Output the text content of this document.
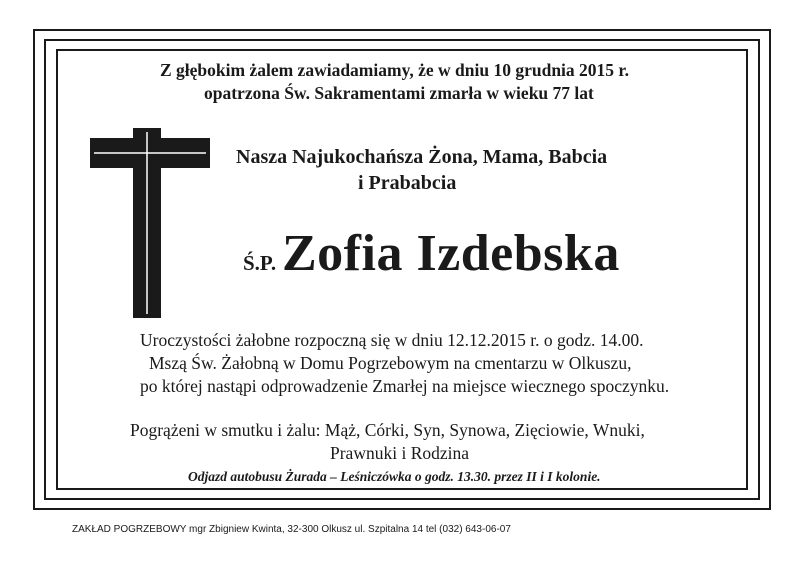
Z głębokim żalem zawiadamiamy, że w dniu 10 grudnia 2015 r.
opatrzona Św. Sakramentami zmarła w wieku 77 lat
Nasza Najukochańsza Żona, Mama, Babcia
i Prababcia
Ś.P. Zofia Izdebska
Uroczystości żałobne rozpoczną się w dniu 12.12.2015 r. o godz. 14.00.
Mszą Św. Żałobną w Domu Pogrzebowym na cmentarzu w Olkuszu,
po której nastąpi odprowadzenie Zmarłej na miejsce wiecznego spoczynku.
Pogrążeni w smutku i żalu: Mąż, Córki, Syn, Synowa, Zięciowie, Wnuki,
Prawnuki i Rodzina
Odjazd autobusu Żurada – Leśniczówka o godz. 13.30. przez II i I kolonie.
ZAKŁAD POGRZEBOWY mgr Zbigniew Kwinta, 32-300 Olkusz ul. Szpitalna 14 tel (032) 643-06-07
